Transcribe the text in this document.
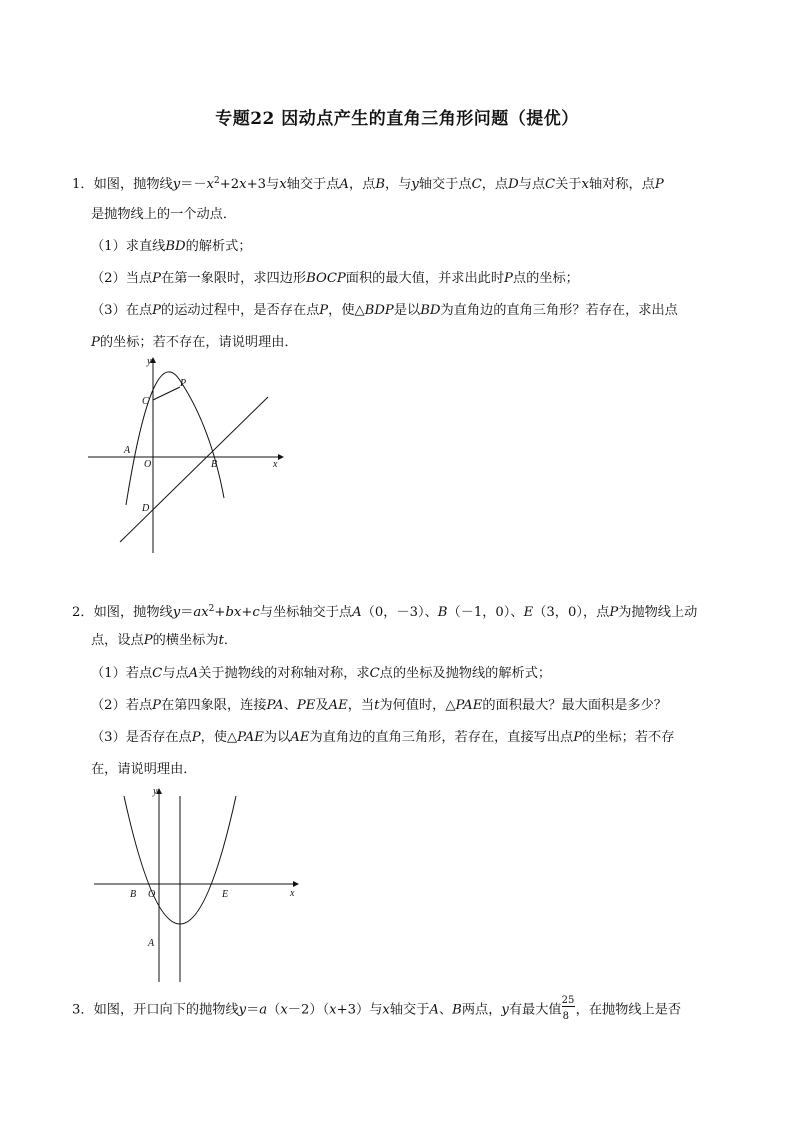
专题22 因动点产生的直角三角形问题（提优）
1．如图，抛物线$y=-x^2+2x+3$与x轴交于点A，点B，与y轴交于点C，点D与点C关于x轴对称，点P
是抛物线上的一个动点．
（1）求直线BD的解析式；
（2）当点P在第一象限时，求四边形BOCP面积的最大值，并求出此时P点的坐标；
（3）在点P的运动过程中，是否存在点P，使△BDP是以BD为直角边的直角三角形？若存在，求出点
P的坐标；若不存在，请说明理由．
y
x
C
P
A
O	B
D
2．如图，抛物线$y=ax^2+bx+c$与坐标轴交于点A（0，－3）、B（－1，0）、E（3，0），点P为抛物线上动
点，设点P的横坐标为t．
（1）若点C与点A关于抛物线的对称轴对称，求C点的坐标及抛物线的解析式；
（2）若点P在第四象限，连接PA、PE及AE，当t为何值时，△PAE的面积最大？最大面积是多少？
（3）是否存在点P，使△PAE为以AE为直角边的直角三角形，若存在，直接写出点P的坐标；若不存
在，请说明理由．
y
x
B O	E
A
3．如图，开口向下的抛物线y＝a（x－2）（x+3）与x轴交于A、B两点，y有最大值 $\frac{25}{8}$ ，在抛物线上是否
